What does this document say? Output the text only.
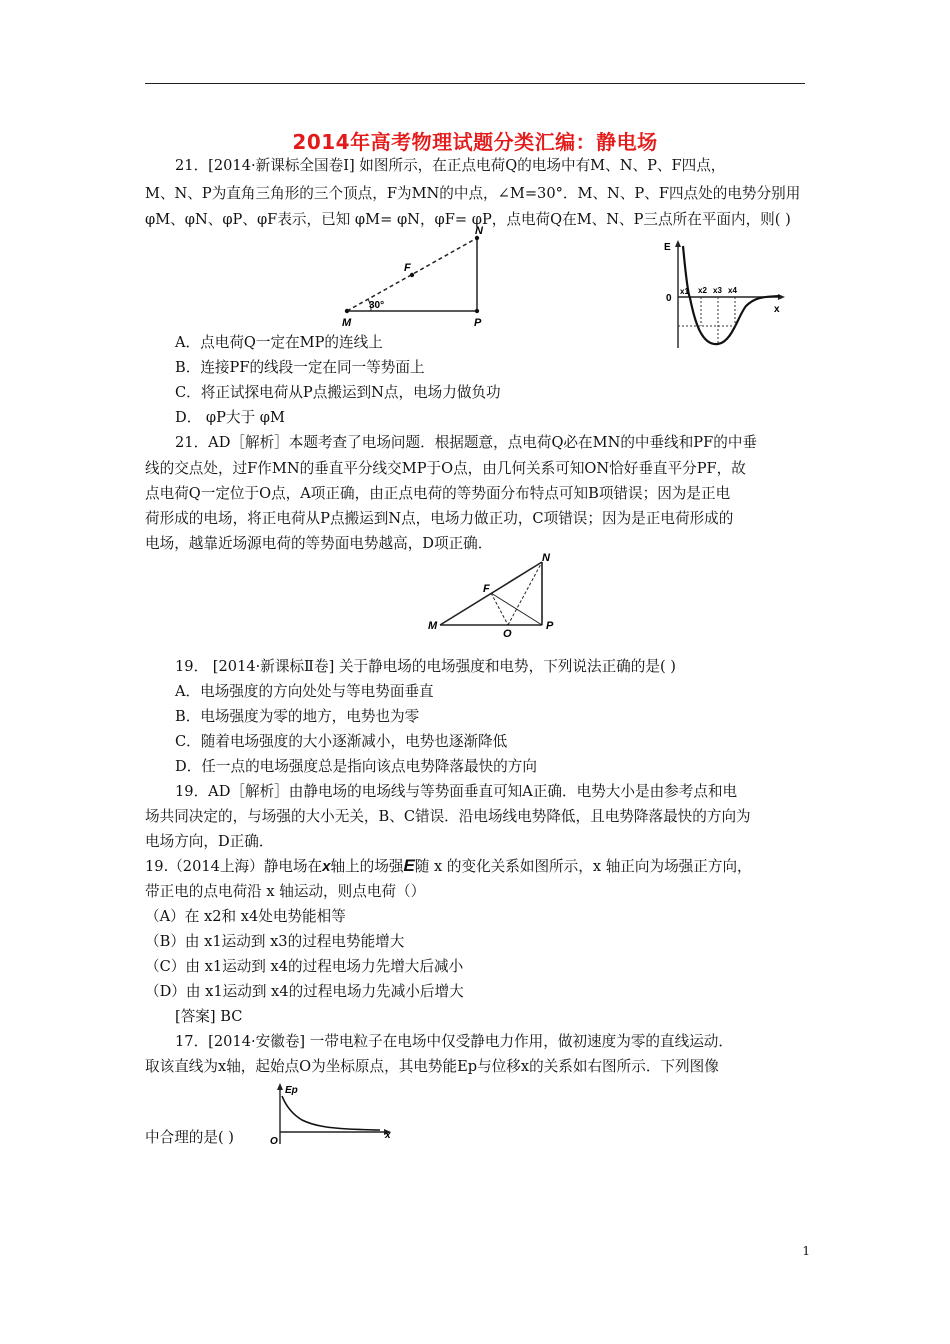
2014年高考物理试题分类汇编：静电场
21．[2014·新课标全国卷Ⅰ] 如图所示，在正点电荷Q的电场中有M、N、P、F四点，
M、N、P为直角三角形的三个顶点，F为MN的中点，∠M=30°．M、N、P、F四点处的电势分别用
φM、φN、φP、φF表示，已知 φM= φN，φF= φP，点电荷Q在M、N、P三点所在平面内，则( )
M	P
N
F
30°
E
0
x
x1 x2 x3 x4
A．点电荷Q一定在MP的连线上
B．连接PF的线段一定在同一等势面上
C．将正试探电荷从P点搬运到N点，电场力做负功
D． φP大于 φM
21．AD［解析］本题考查了电场问题．根据题意，点电荷Q必在MN的中垂线和PF的中垂
线的交点处，过F作MN的垂直平分线交MP于O点，由几何关系可知ON恰好垂直平分PF，故
点电荷Q一定位于O点，A项正确，由正点电荷的等势面分布特点可知B项错误；因为是正电
荷形成的电场，将正电荷从P点搬运到N点，电场力做正功，C项错误；因为是正电荷形成的
电场，越靠近场源电荷的等势面电势越高，D项正确．
M	P
N
F
O
19． [2014·新课标Ⅱ卷] 关于静电场的电场强度和电势，下列说法正确的是( )
A．电场强度的方向处处与等电势面垂直
B．电场强度为零的地方，电势也为零
C．随着电场强度的大小逐渐减小，电势也逐渐降低
D．任一点的电场强度总是指向该点电势降落最快的方向
19．AD［解析］由静电场的电场线与等势面垂直可知A正确．电势大小是由参考点和电
场共同决定的，与场强的大小无关，B、C错误．沿电场线电势降低，且电势降落最快的方向为
电场方向，D正确．
19.（2014上海）静电场在x轴上的场强E随 x 的变化关系如图所示，x 轴正向为场强正方向，
带正电的点电荷沿 x 轴运动，则点电荷（）
（A）在 x2和 x4处电势能相等
（B）由 x1运动到 x3的过程电势能增大
（C）由 x1运动到 x4的过程电场力先增大后减小
（D）由 x1运动到 x4的过程电场力先减小后增大
[答案] BC
17．[2014·安徽卷] 一带电粒子在电场中仅受静电力作用，做初速度为零的直线运动．
取该直线为x轴，起始点O为坐标原点，其电势能Ep与位移x的关系如右图所示．下列图像
Ep
O
x
中合理的是( )
1
